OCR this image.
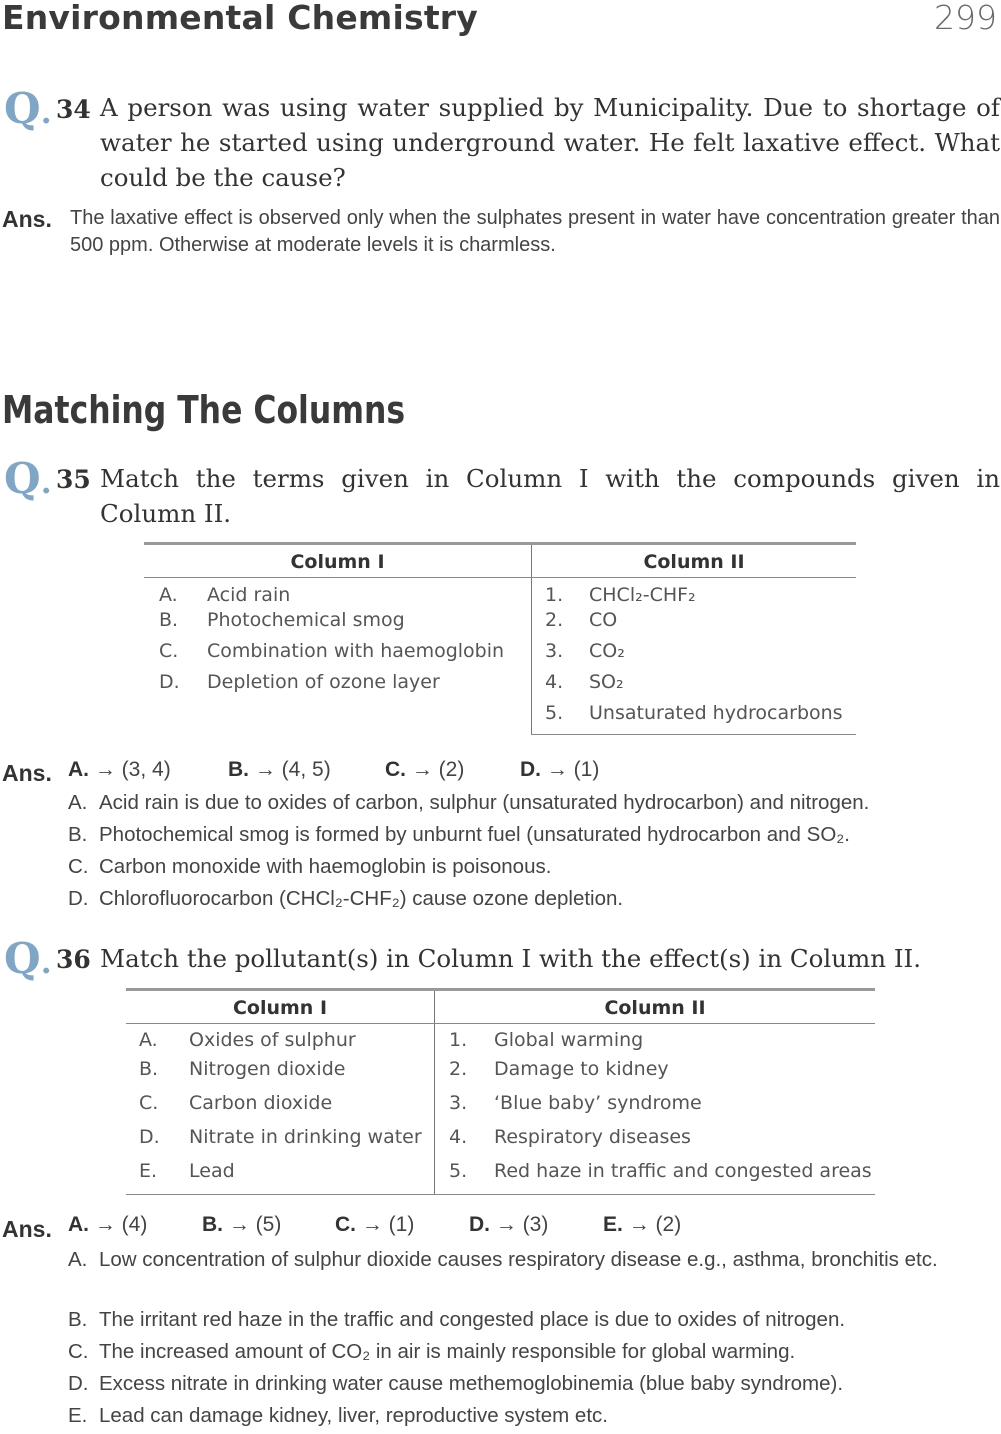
Environmental Chemistry	299
Q. 34 A person was using water supplied by Municipality. Due to shortage of water he started using underground water. He felt laxative effect. What could be the cause?
Ans. The laxative effect is observed only when the sulphates present in water have concentration greater than 500 ppm. Otherwise at moderate levels it is charmless.
Matching The Columns
Q. 35 Match the terms given in Column I with the compounds given in Column II.
Column I	Column II
A. Acid rain	1. CHCl₂-CHF₂
B. Photochemical smog	2. CO
C. Combination with haemoglobin	3. CO₂
D. Depletion of ozone layer	4. SO₂
	5. Unsaturated hydrocarbons
Ans. A. → (3, 4)	B. → (4, 5)	C. → (2)	D. → (1)
A. Acid rain is due to oxides of carbon, sulphur (unsaturated hydrocarbon) and nitrogen.
B. Photochemical smog is formed by unburnt fuel (unsaturated hydrocarbon and SO₂.
C. Carbon monoxide with haemoglobin is poisonous.
D. Chlorofluorocarbon (CHCl₂-CHF₂) cause ozone depletion.
Q. 36 Match the pollutant(s) in Column I with the effect(s) in Column II.
Column I	Column II
A. Oxides of sulphur	1. Global warming
B. Nitrogen dioxide	2. Damage to kidney
C. Carbon dioxide	3. ‘Blue baby’ syndrome
D. Nitrate in drinking water	4. Respiratory diseases
E. Lead	5. Red haze in traffic and congested areas
Ans. A. → (4)	B. → (5)	C. → (1)	D. → (3)	E. → (2)
A. Low concentration of sulphur dioxide causes respiratory disease e.g., asthma, bronchitis etc.
B. The irritant red haze in the traffic and congested place is due to oxides of nitrogen.
C. The increased amount of CO₂ in air is mainly responsible for global warming.
D. Excess nitrate in drinking water cause methemoglobinemia (blue baby syndrome).
E. Lead can damage kidney, liver, reproductive system etc.
